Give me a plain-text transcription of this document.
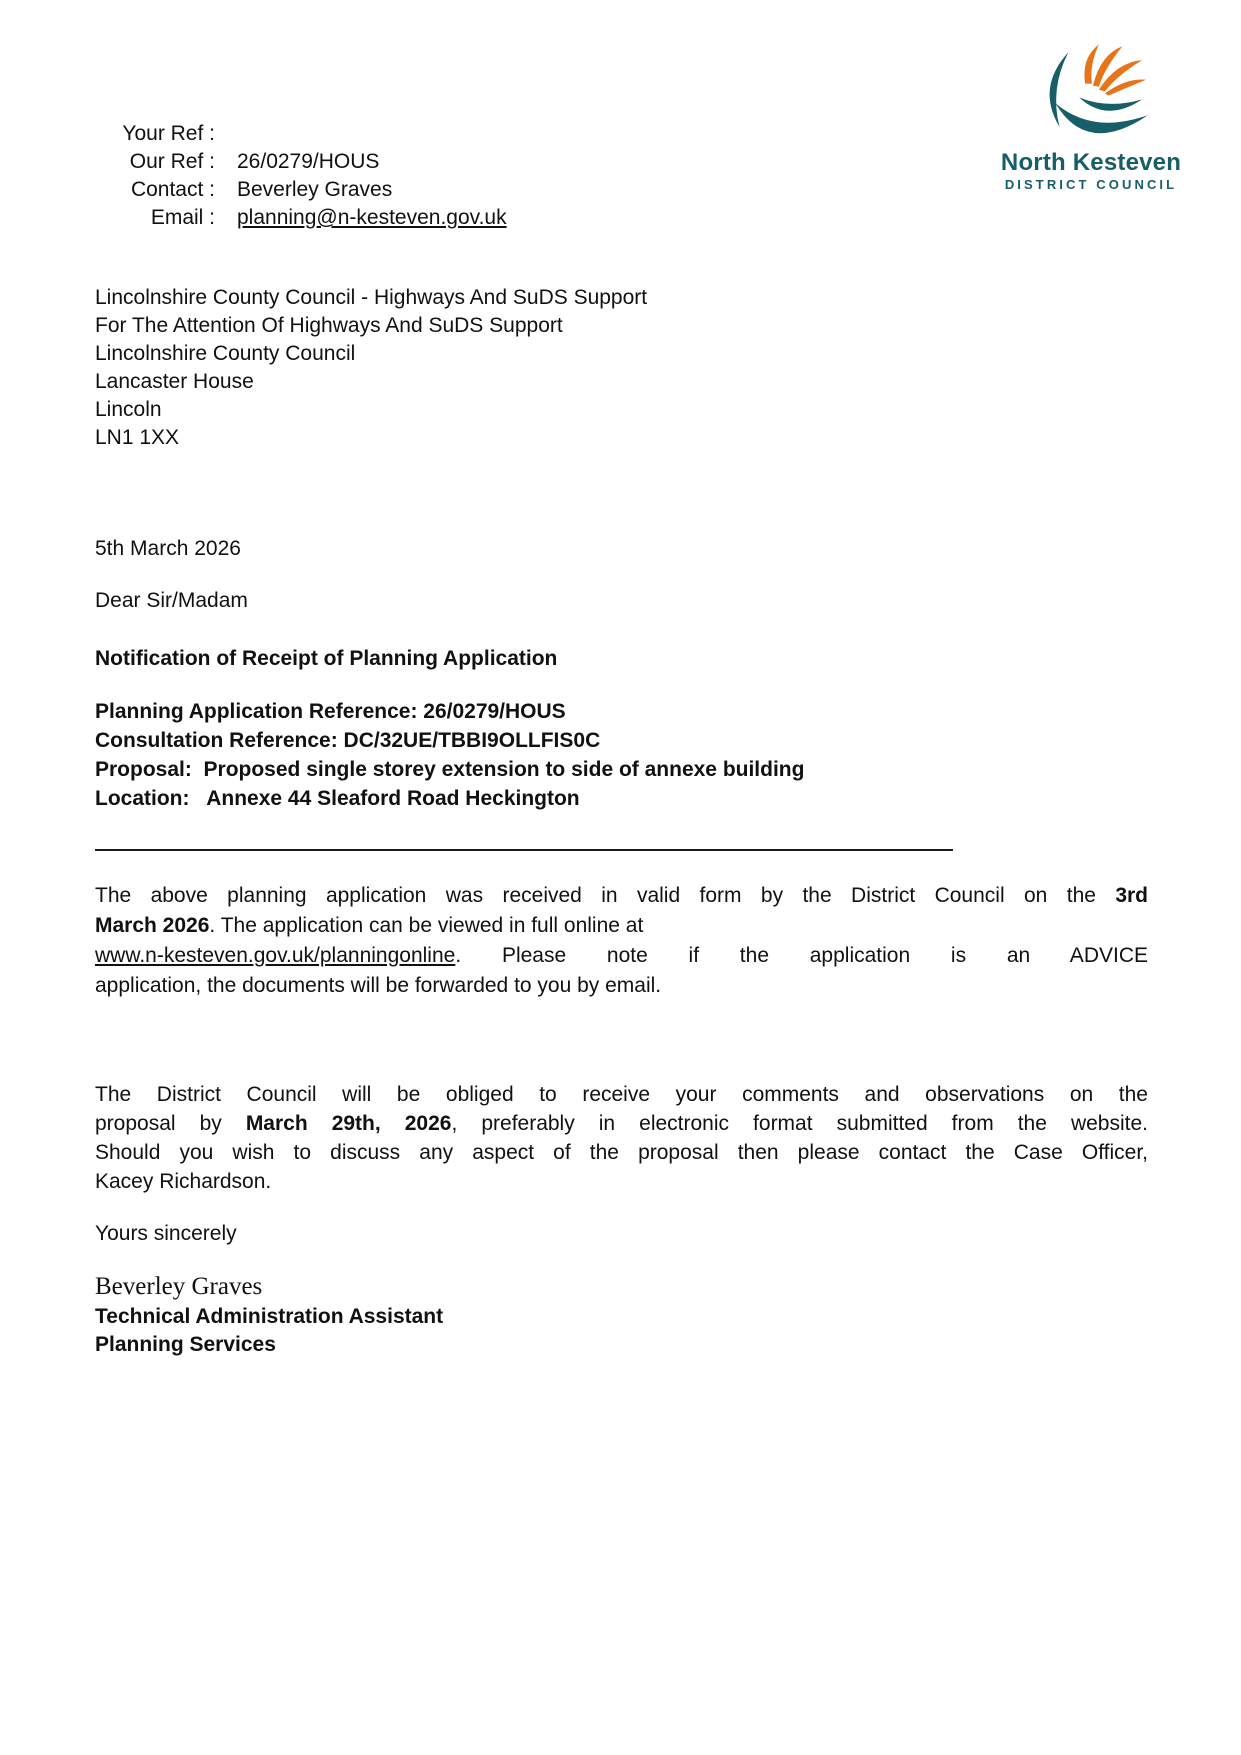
North Kesteven
DISTRICT COUNCIL
Your Ref :
Our Ref : 26/0279/HOUS
Contact : Beverley Graves
Email : planning@n-kesteven.gov.uk
Lincolnshire County Council - Highways And SuDS Support
For The Attention Of Highways And SuDS Support
Lincolnshire County Council
Lancaster House
Lincoln
LN1 1XX
5th March 2026
Dear Sir/Madam
Notification of Receipt of Planning Application
Planning Application Reference: 26/0279/HOUS
Consultation Reference: DC/32UE/TBBI9OLLFIS0C
Proposal:  Proposed single storey extension to side of annexe building
Location:   Annexe 44 Sleaford Road Heckington
The above planning application was received in valid form by the District Council on the 3rd
March 2026. The application can be viewed in full online at
www.n-kesteven.gov.uk/planningonline. Please note if the application is an ADVICE
application, the documents will be forwarded to you by email.
The District Council will be obliged to receive your comments and observations on the
proposal by March 29th, 2026, preferably in electronic format submitted from the website.
Should you wish to discuss any aspect of the proposal then please contact the Case Officer,
Kacey Richardson.
Yours sincerely
Beverley Graves
Technical Administration Assistant
Planning Services
